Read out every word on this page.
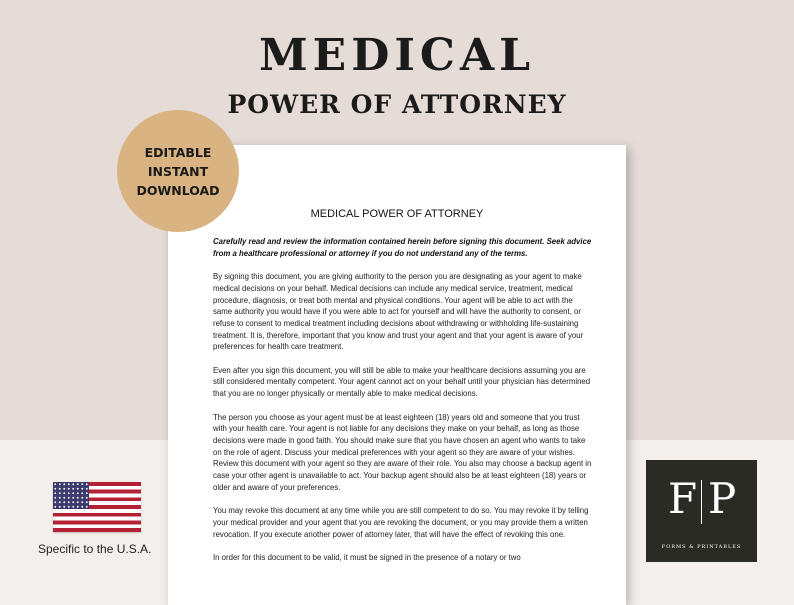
MEDICAL
POWER OF ATTORNEY
EDITABLE
INSTANT
DOWNLOAD
MEDICAL POWER OF ATTORNEY

Carefully read and review the information contained herein before signing this document. Seek advice from a healthcare professional or attorney if you do not understand any of the terms.

By signing this document, you are giving authority to the person you are designating as your agent to make medical decisions on your behalf. Medical decisions can include any medical service, treatment, medical procedure, diagnosis, or treat both mental and physical conditions. Your agent will be able to act with the same authority you would have if you were able to act for yourself and will have the authority to consent, or refuse to consent to medical treatment including decisions about withdrawing or withholding life-sustaining treatment. It is, therefore, important that you know and trust your agent and that your agent is aware of your preferences for health care treatment.

Even after you sign this document, you will still be able to make your healthcare decisions assuming you are still considered mentally competent. Your agent cannot act on your behalf until your physician has determined that you are no longer physically or mentally able to make medical decisions.

The person you choose as your agent must be at least eighteen (18) years old and someone that you trust with your health care. Your agent is not liable for any decisions they make on your behalf, as long as those decisions were made in good faith. You should make sure that you have chosen an agent who wants to take on the role of agent. Discuss your medical preferences with your agent so they are aware of your wishes. Review this document with your agent so they are aware of their role. You also may choose a backup agent in case your other agent is unavailable to act. Your backup agent should also be at least eighteen (18) years or older and aware of your preferences.

You may revoke this document at any time while you are still competent to do so. You may revoke it by telling your medical provider and your agent that you are revoking the document, or you may provide them a written revocation. If you execute another power of attorney later, that will have the effect of revoking this one.

In order for this document to be valid, it must be signed in the presence of a notary or two

Specific to the U.S.A.
F P
FORMS & PRINTABLES
